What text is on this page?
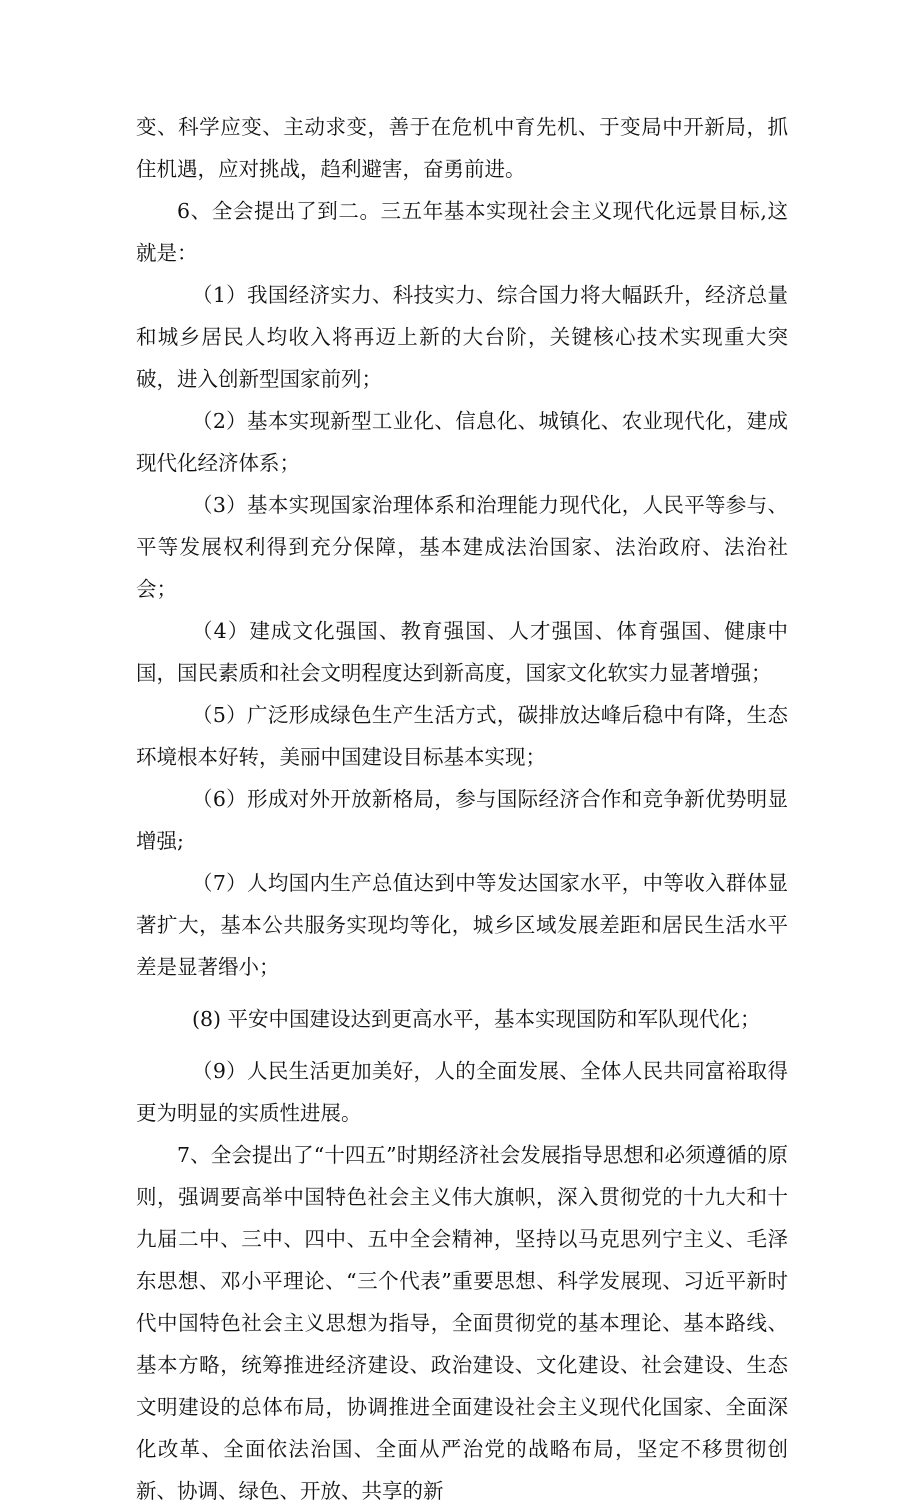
变、科学应变、主动求变，善于在危机中育先机、于变局中开新局，抓住机遇，应对挑战，趋利避害，奋勇前进。

6、全会提出了到二。三五年基本实现社会主义现代化远景目标,这就是：

（1）我国经济实力、科技实力、综合国力将大幅跃升，经济总量和城乡居民人均收入将再迈上新的大台阶，关键核心技术实现重大突破，进入创新型国家前列；

（2）基本实现新型工业化、信息化、城镇化、农业现代化，建成现代化经济体系；

（3）基本实现国家治理体系和治理能力现代化，人民平等参与、平等发展权利得到充分保障，基本建成法治国家、法治政府、法治社会；

（4）建成文化强国、教育强国、人才强国、体育强国、健康中国，国民素质和社会文明程度达到新高度，国家文化软实力显著增强；

（5）广泛形成绿色生产生活方式，碳排放达峰后稳中有降，生态环境根本好转，美丽中国建设目标基本实现；

（6）形成对外开放新格局，参与国际经济合作和竞争新优势明显增强;

（7）人均国内生产总值达到中等发达国家水平，中等收入群体显著扩大，基本公共服务实现均等化，城乡区域发展差距和居民生活水平差是显著缗小；

(8) 平安中国建设达到更高水平，基本实现国防和军队现代化；

（9）人民生活更加美好，人的全面发展、全体人民共同富裕取得更为明显的实质性进展。

7、全会提出了“十四五”时期经济社会发展指导思想和必须遵循的原则，强调要高举中国特色社会主义伟大旗帜，深入贯彻党的十九大和十九届二中、三中、四中、五中全会精神，坚持以马克思列宁主义、毛泽东思想、邓小平理论、“三个代表”重要思想、科学发展现、习近平新时代中国特色社会主义思想为指导，全面贯彻党的基本理论、基本路线、基本方略，统筹推进经济建设、政治建设、文化建设、社会建设、生态文明建设的总体布局，协调推进全面建设社会主义现代化国家、全面深化改革、全面依法治国、全面从严治党的战略布局，坚定不移贯彻创新、协调、绿色、开放、共享的新
